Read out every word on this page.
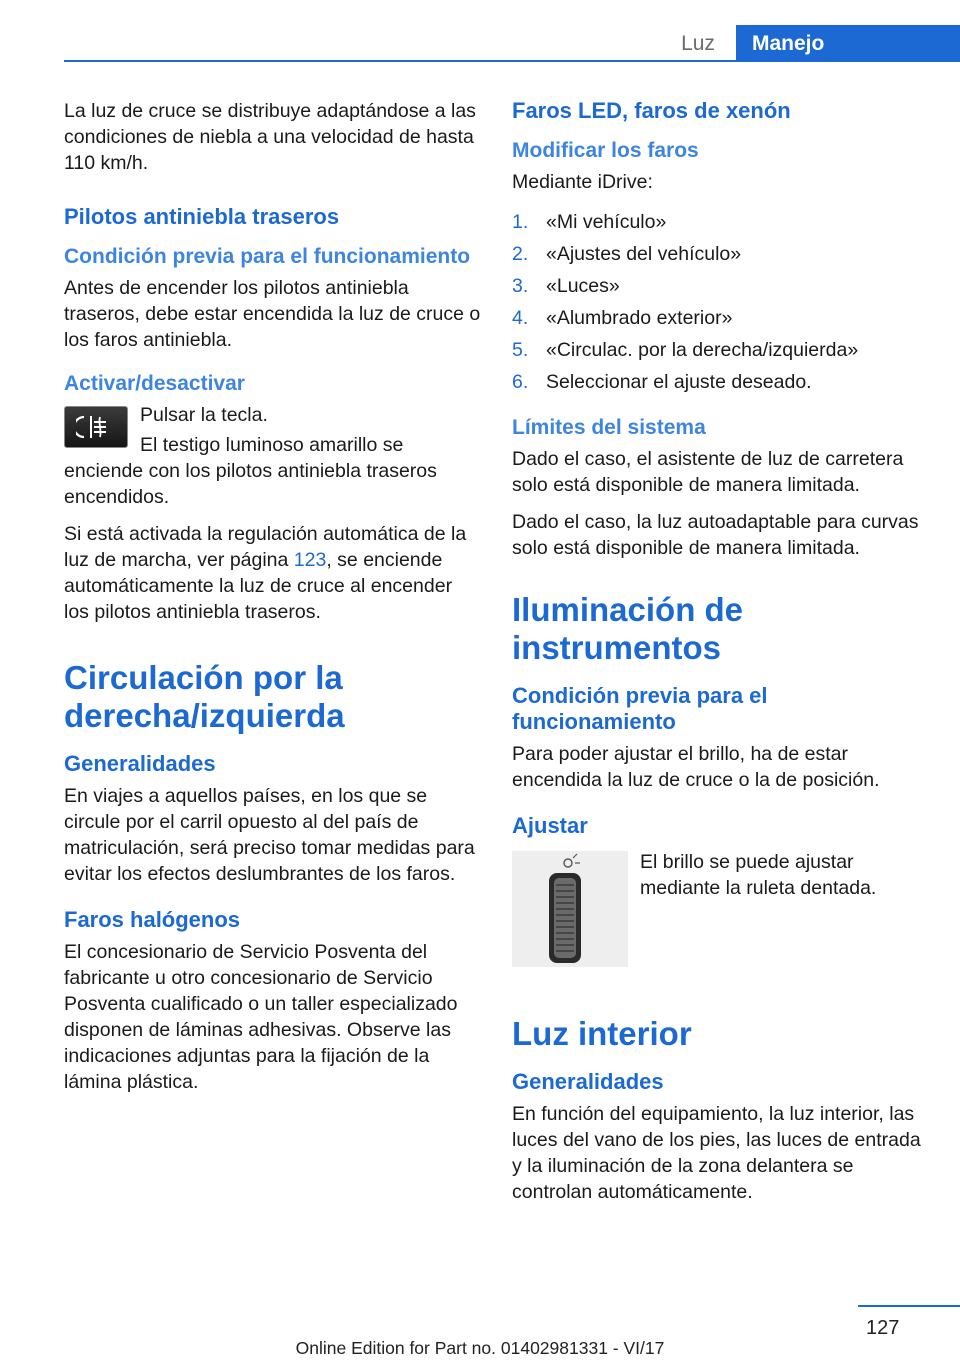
Luz	Manejo

La luz de cruce se distribuye adaptándose a las condiciones de niebla a una velocidad de hasta 110 km/h.

Pilotos antiniebla traseros
Condición previa para el funcionamiento

Antes de encender los pilotos antiniebla traseros, debe estar encendida la luz de cruce o los faros antiniebla.

Activar/desactivar

Pulsar la tecla.

El testigo luminoso amarillo se enciende con los pilotos antiniebla traseros encendidos.

Si está activada la regulación automática de la luz de marcha, ver página 123, se enciende automáticamente la luz de cruce al encender los pilotos antiniebla traseros.

Circulación por la derecha/izquierda
Generalidades

En viajes a aquellos países, en los que se circule por el carril opuesto al del país de matriculación, será preciso tomar medidas para evitar los efectos deslumbrantes de los faros.

Faros halógenos

El concesionario de Servicio Posventa del fabricante u otro concesionario de Servicio Posventa cualificado o un taller especializado disponen de láminas adhesivas. Observe las indicaciones adjuntas para la fijación de la lámina plástica.

Faros LED, faros de xenón
Modificar los faros

Mediante iDrive:

1. «Mi vehículo»
2. «Ajustes del vehículo»
3. «Luces»
4. «Alumbrado exterior»
5. «Circulac. por la derecha/izquierda»
6. Seleccionar el ajuste deseado.
Límites del sistema

Dado el caso, el asistente de luz de carretera solo está disponible de manera limitada.

Dado el caso, la luz autoadaptable para curvas solo está disponible de manera limitada.

Iluminación de instrumentos
Condición previa para el funcionamiento

Para poder ajustar el brillo, ha de estar encendida la luz de cruce o la de posición.

Ajustar

El brillo se puede ajustar mediante la ruleta dentada.

Luz interior
Generalidades

En función del equipamiento, la luz interior, las luces del vano de los pies, las luces de entrada y la iluminación de la zona delantera se controlan automáticamente.

127
Online Edition for Part no. 01402981331 - VI/17
